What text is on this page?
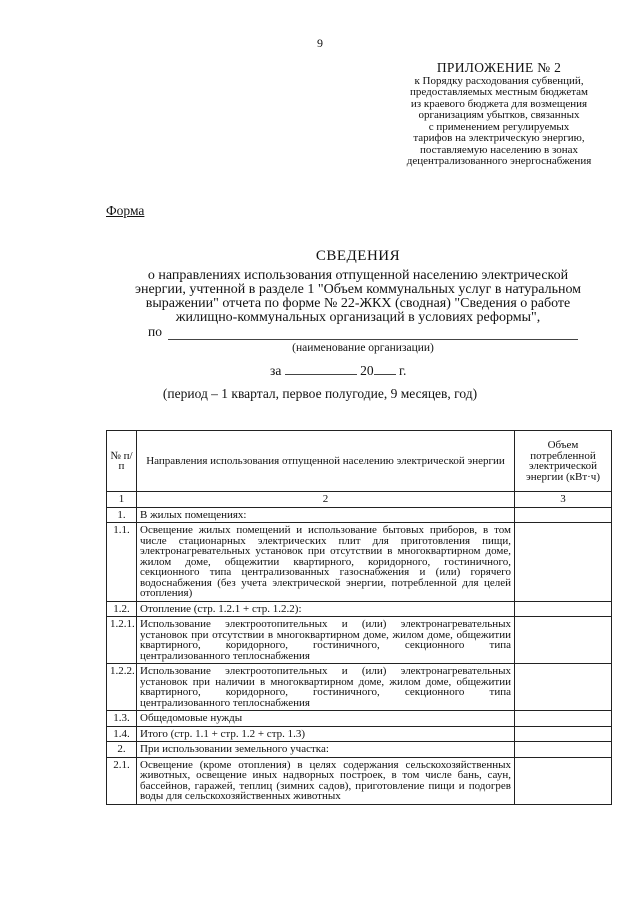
9
ПРИЛОЖЕНИЕ № 2
к Порядку расходования субвенций,
предоставляемых местным бюджетам
из краевого бюджета для возмещения
организациям убытков, связанных
с применением регулируемых
тарифов на электрическую энергию,
поставляемую населению в зонах
децентрализованного энергоснабжения
Форма
СВЕДЕНИЯ
о направлениях использования отпущенной населению электрической
энергии, учтенной в разделе 1 "Объем коммунальных услуг в натуральном
выражении" отчета по форме № 22-ЖКХ (сводная) "Сведения о работе
жилищно-коммунальных организаций в условиях реформы",
по
(наименование организации)
за	20 г.
(период – 1 квартал, первое полугодие, 9 месяцев, год)
№ п/п	Направления использования отпущенной населению электрической энергии	Объем потребленной электрической энергии (кВт·ч)
1	2	3
1.	В жилых помещениях:	
1.1.	Освещение жилых помещений и использование бытовых приборов, в том числе стационарных электрических плит для приготовления пищи, электронагревательных установок при отсутствии в многоквартирном доме, жилом доме, общежитии квартирного, коридорного, гостиничного, секционного типа централизованных газоснабжения и (или) горячего водоснабжения (без учета электрической энергии, потребленной для целей отопления)	
1.2.	Отопление (стр. 1.2.1 + стр. 1.2.2):	
1.2.1.	Использование электроотопительных и (или) электронагревательных установок при отсутствии в многоквартирном доме, жилом доме, общежитии квартирного, коридорного, гостиничного, секционного типа централизованного теплоснабжения	
1.2.2.	Использование электроотопительных и (или) электронагревательных установок при наличии в многоквартирном доме, жилом доме, общежитии квартирного, коридорного, гостиничного, секционного типа централизованного теплоснабжения	
1.3.	Общедомовые нужды	
1.4.	Итого (стр. 1.1 + стр. 1.2 + стр. 1.3)	
2.	При использовании земельного участка:	
2.1.	Освещение (кроме отопления) в целях содержания сельскохозяйственных животных, освещение иных надворных построек, в том числе бань, саун, бассейнов, гаражей, теплиц (зимних садов), приготовление пищи и подогрев воды для сельскохозяйственных животных	
